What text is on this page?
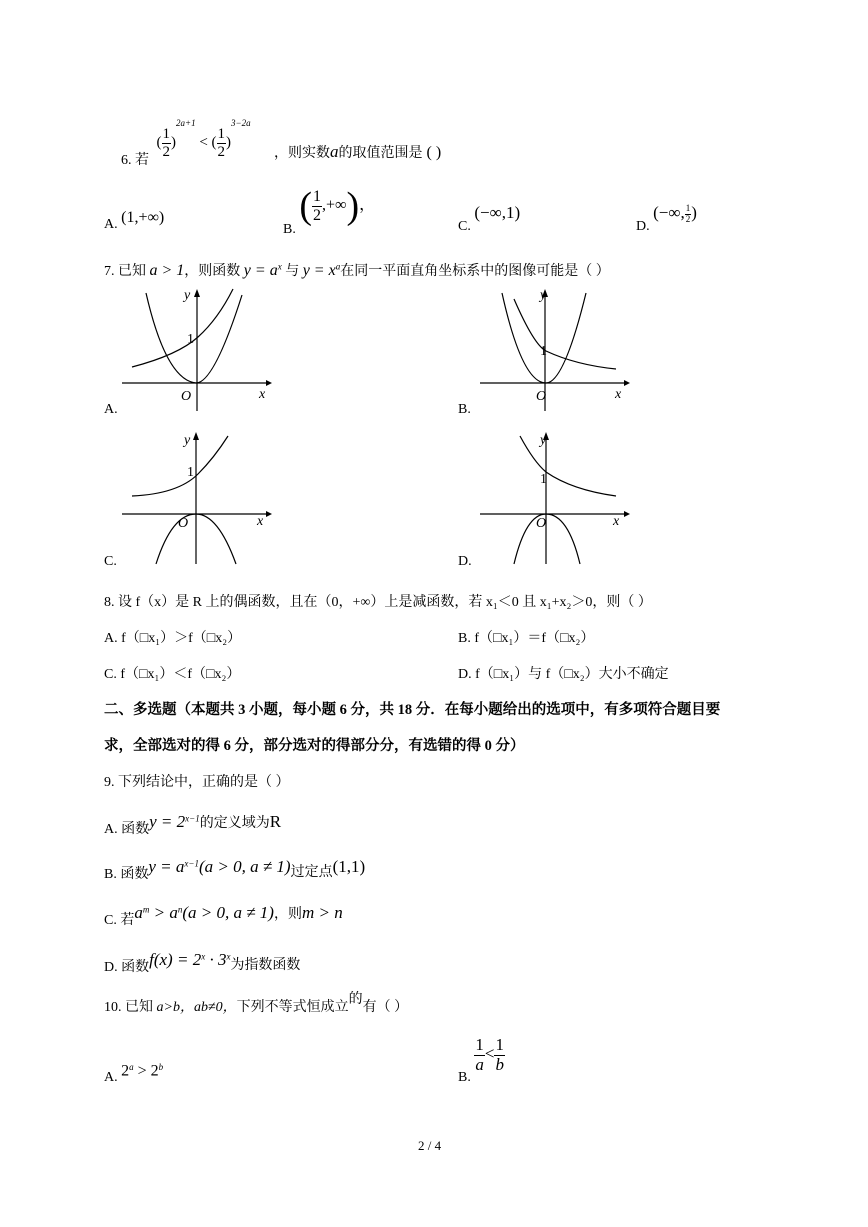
6. 若 ( $\frac{1}{2} )^{2a+1}$ < ( $\frac{1}{2} )^{3-2a}$
，则实数a的取值范围是 ( )
A. (1,+∞)
B. ( $\frac{1}{2}$ ,+∞)，
C. (−∞,1)
D. (−∞, $\frac{1}{2}$ )
7. 已知 a > 1，则函数 $y = a^x$ 与 $y = x^a$在同一平面直角坐标系中的图像可能是（ ）
y
x
O
1
A.
y
x
O
1
B.
y
x
O
1
C.
y
x
O
1
D.
8. 设 f（x）是 R 上的偶函数，且在（0，+∞）上是减函数，若 x₁＜0 且 x₁+x₂＞0，则（ ）
A. f（□x₁）＞f（□x₂）	B. f（□x₁）＝f（□x₂）
C. f（□x₁）＜f（□x₂）	D. f（□x₁）与 f（□x₂）大小不确定
二、多选题（本题共 3 小题，每小题 6 分，共 18 分．在每小题给出的选项中，有多项符合题目要
求，全部选对的得 6 分，部分选对的得部分分，有选错的得 0 分）
9. 下列结论中，正确的是（ ）
A. 函数$y = 2^{x-1}$的定义域为R
B. 函数$y = a^{x-1}(a > 0$, a ≠ 1)过定点(1,1)
C. 若$a^m > a^n(a > 0$, a ≠ 1)，则m > n
D. 函数$f(x) = 2^x \cdot 3^x$为指数函数
10. 已知 a>b，ab≠0，下列不等式恒成立的有（ ）
A. $2^a > 2^b$
B.
$\frac{1}{a} < \frac{1}{b}$
2 / 4
